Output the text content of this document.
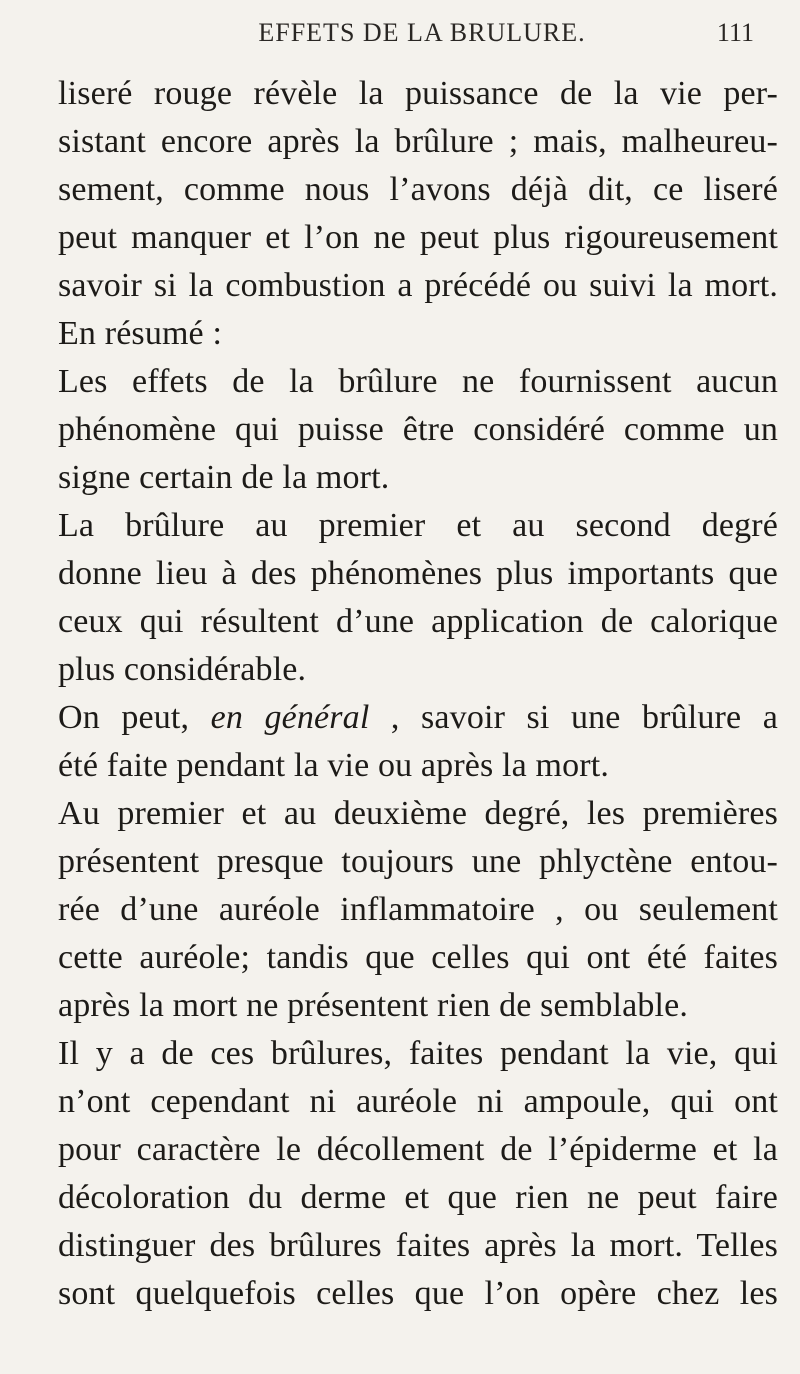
EFFETS DE LA BRULURE.	111
liseré rouge révèle la puissance de la vie per-
sistant encore après la brûlure ; mais, malheureu-
sement, comme nous l’avons déjà dit, ce liseré
peut manquer et l’on ne peut plus rigoureusement
savoir si la combustion a précédé ou suivi la mort.
En résumé :
Les effets de la brûlure ne fournissent aucun
phénomène qui puisse être considéré comme un
signe certain de la mort.
La brûlure au premier et au second degré
donne lieu à des phénomènes plus importants que
ceux qui résultent d’une application de calorique
plus considérable.
On peut, en général , savoir si une brûlure a
été faite pendant la vie ou après la mort.
Au premier et au deuxième degré, les premières
présentent presque toujours une phlyctène entou-
rée d’une auréole inflammatoire , ou seulement
cette auréole; tandis que celles qui ont été faites
après la mort ne présentent rien de semblable.
Il y a de ces brûlures, faites pendant la vie, qui
n’ont cependant ni auréole ni ampoule, qui ont
pour caractère le décollement de l’épiderme et la
décoloration du derme et que rien ne peut faire
distinguer des brûlures faites après la mort. Telles
sont quelquefois celles que l’on opère chez les
